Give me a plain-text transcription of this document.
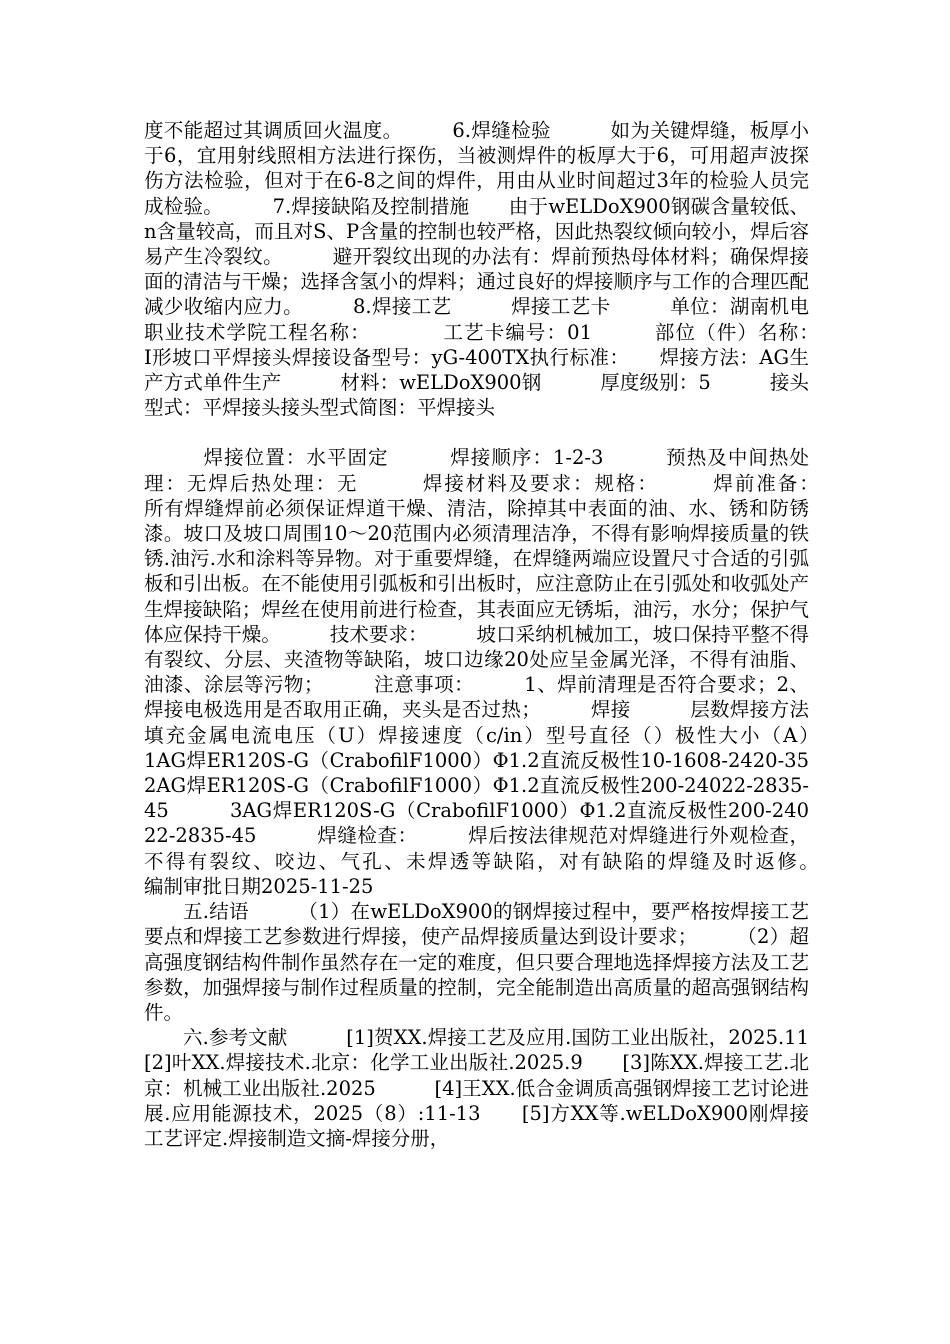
度不能超过其调质回火温度。　　　6.焊缝检验　　　如为关键焊缝，板厚小于6，宜用射线照相方法进行探伤，当被测焊件的板厚大于6，可用超声波探伤方法检验，但对于在6-8之间的焊件，用由从业时间超过3年的检验人员完成检验。　　　7.焊接缺陷及控制措施　　由于wELDoX900钢碳含量较低、n含量较高，而且对S、P含量的控制也较严格，因此热裂纹倾向较小，焊后容易产生冷裂纹。　　　避开裂纹出现的办法有：焊前预热母体材料；确保焊接面的清洁与干燥；选择含氢小的焊料；通过良好的焊接顺序与工作的合理匹配减少收缩内应力。　　　8.焊接工艺　　　焊接工艺卡　　　单位：湖南机电职业技术学院工程名称：　　　　工艺卡编号：01　　　部位（件）名称：　　　I形坡口平焊接头焊接设备型号：yG-400TX执行标准：　　焊接方法：AG生产方式单件生产　　　材料：wELDoX900钢　　　厚度级别：5　　　接头型式：平焊接头接头型式简图：平焊接头

　焊接位置：水平固定　　　焊接顺序：1-2-3　　　预热及中间热处理：无焊后热处理：无　　　焊接材料及要求：规格：　　　焊前准备：　　　所有焊缝焊前必须保证焊道干燥、清洁，除掉其中表面的油、水、锈和防锈漆。坡口及坡口周围10～20范围内必须清理洁净，不得有影响焊接质量的铁锈.油污.水和涂料等异物。对于重要焊缝，在焊缝两端应设置尺寸合适的引弧板和引出板。在不能使用引弧板和引出板时，应注意防止在引弧处和收弧处产生焊接缺陷；焊丝在使用前进行检查，其表面应无锈垢，油污，水分；保护气体应保持干燥。　　　技术要求：　　　坡口采纳机械加工，坡口保持平整不得有裂纹、分层、夹渣物等缺陷，坡口边缘20处应呈金属光泽，不得有油脂、油漆、涂层等污物；　　　注意事项：　　　1、焊前清理是否符合要求；2、焊接电极选用是否取用正确，夹头是否过热；　　　焊接　　　层数焊接方法填充金属电流电压（U）焊接速度（c/in）型号直径（）极性大小（A）　　　　　1AG焊ER120S-G（CrabofilF1000）Φ1.2直流反极性10-1608-2420-35　　　2AG焊ER120S-G（CrabofilF1000）Φ1.2直流反极性200-24022-2835-45　　　3AG焊ER120S-G（CrabofilF1000）Φ1.2直流反极性200-24022-2835-45　　　焊缝检查：　　　焊后按法律规范对焊缝进行外观检查，不得有裂纹、咬边、气孔、未焊透等缺陷，对有缺陷的焊缝及时返修。　　　编制审批日期2025-11-25

五.结语　　　（1）在wELDoX900的钢焊接过程中，要严格按焊接工艺要点和焊接工艺参数进行焊接，使产品焊接质量达到设计要求；　　　（2）超高强度钢结构件制作虽然存在一定的难度，但只要合理地选择焊接方法及工艺参数，加强焊接与制作过程质量的控制，完全能制造出高质量的超高强钢结构件。

六.参考文献　　　[1]贺XX.焊接工艺及应用.国防工业出版社，2025.11　　　[2]叶XX.焊接技术.北京：化学工业出版社.2025.9　　[3]陈XX.焊接工艺.北京：机械工业出版社.2025　　　[4]王XX.低合金调质高强钢焊接工艺讨论进展.应用能源技术，2025（8）:11-13　　[5]方XX等.wELDoX900刚焊接工艺评定.焊接制造文摘-焊接分册，
